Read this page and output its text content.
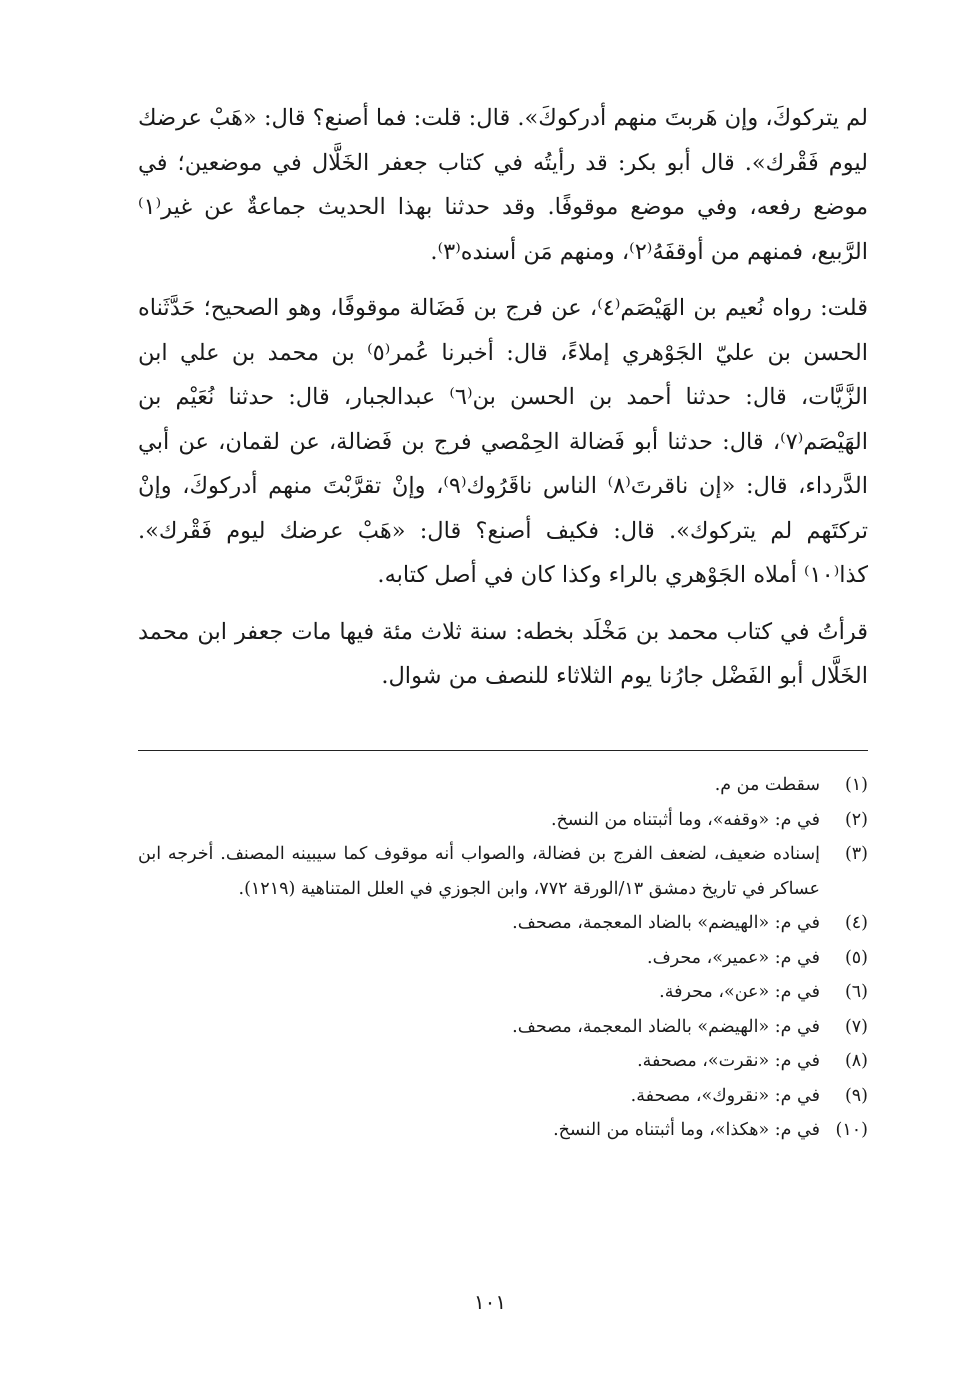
لم يتركوكَ، وإن هَربتَ منهم أدركوكَ». قال: قلت: فما أصنع؟ قال: «هَبْ عرضك ليوم فَقْرك». قال أبو بكر: قد رأيتُه في كتاب جعفر الخَلَّال في موضعين؛ في موضع رفعه، وفي موضع موقوفًا. وقد حدثنا بهذا الحديث جماعةٌ عن غير⁽١⁾ الرَّبيع، فمنهم من أوقفَهُ⁽٢⁾، ومنهم مَن أسنده⁽٣⁾.

قلت: رواه نُعيم بن الهَيْصَم⁽٤⁾، عن فرج بن فَضَالة موقوفًا، وهو الصحيح؛ حَدَّثَناه الحسن بن عليّ الجَوْهري إملاءً، قال: أخبرنا عُمر⁽٥⁾ بن محمد بن علي ابن الزَّيَّات، قال: حدثنا أحمد بن الحسن بن⁽٦⁾ عبدالجبار، قال: حدثنا نُعَيْم بن الهَيْصَم⁽٧⁾، قال: حدثنا أبو فَضالة الحِمْصي فرج بن فَضالة، عن لقمان، عن أبي الدَّرداء، قال: «إن ناقرتَ⁽٨⁾ الناس ناقَرُوك⁽٩⁾، وإنْ تقرَّبْتَ منهم أدركوكَ، وإنْ تركتَهم لم يتركوك». قال: فكيف أصنع؟ قال: «هَبْ عرضك ليوم فَقْرك». كذا⁽١٠⁾ أملاه الجَوْهري بالراء وكذا كان في أصل كتابه.

قرأتُ في كتاب محمد بن مَخْلَد بخطه: سنة ثلاث مئة فيها مات جعفر ابن محمد الخَلَّال أبو الفَضْل جارُنا يوم الثلاثاء للنصف من شوال.

(١)
سقطت من م.
(٢)
في م: «وقفه»، وما أثبتناه من النسخ.
(٣)
إسناده ضعيف، لضعف الفرج بن فضالة، والصواب أنه موقوف كما سيبينه المصنف. أخرجه ابن عساكر في تاريخ دمشق ١٣/الورقة ٧٧٢، وابن الجوزي في العلل المتناهية (١٢١٩).
(٤)
في م: «الهيضم» بالضاد المعجمة، مصحف.
(٥)
في م: «عمير»، محرف.
(٦)
في م: «عن»، محرفة.
(٧)
في م: «الهيضم» بالضاد المعجمة، مصحف.
(٨)
في م: «نقرت»، مصحفة.
(٩)
في م: «نقروك»، مصحفة.
(١٠)
في م: «هكذا»، وما أثبتناه من النسخ.
١٠١
